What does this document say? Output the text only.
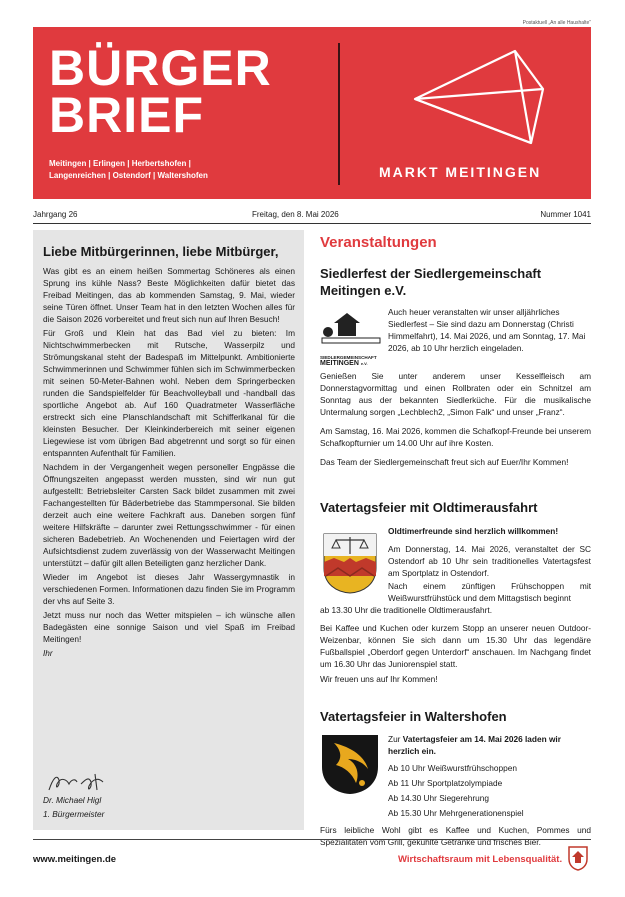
Postaktuell „An alle Haushalte“
BÜRGER
BRIEF
Meitingen | Erlingen | Herbertshofen |
Langenreichen | Ostendorf | Waltershofen	MARKT MEITINGEN
Jahrgang 26	Freitag, den 8. Mai 2026	Nummer 1041
Liebe Mitbürgerinnen, liebe Mitbürger,

Was gibt es an einem heißen Sommertag Schöneres als einen Sprung ins kühle Nass? Beste Möglichkeiten dafür bietet das Freibad Meitingen, das ab kommenden Samstag, 9. Mai, wieder seine Türen öffnet. Unser Team hat in den letzten Wochen alles für die Saison 2026 vorbereitet und freut sich nun auf Ihren Besuch!

Für Groß und Klein hat das Bad viel zu bieten: Im Nichtschwimmerbecken mit Rutsche, Wasserpilz und Strömungskanal steht der Badespaß im Mittelpunkt. Ambitionierte Schwimmerinnen und Schwimmer fühlen sich im Schwimmerbecken mit seinen 50-Meter-Bahnen wohl. Neben dem Springerbecken runden die Sandspielfelder für Beachvolleyball und -handball das sportliche Angebot ab. Auf 160 Quadratmeter Wasserfläche erstreckt sich eine Planschlandschaft mit Schifferlkanal für die kleinsten Besucher. Der Kleinkinderbereich mit seiner eigenen Liegewiese ist vom übrigen Bad abgetrennt und sorgt so für einen entspannten Aufenthalt für Familien.

Nachdem in der Vergangenheit wegen personeller Engpässe die Öffnungszeiten angepasst werden mussten, sind wir nun gut aufgestellt: Betriebsleiter Carsten Sack bildet zusammen mit zwei Fachangestellten für Bäderbetriebe das Stammpersonal. Sie bilden derzeit auch eine weitere Fachkraft aus. Daneben sorgen fünf weitere Hilfskräfte – darunter zwei Rettungsschwimmer - für einen sicheren Badebetrieb. An Wochenenden und Feiertagen wird der Aufsichtsdienst zudem zuverlässig von der Wasserwacht Meitingen unterstützt – dafür gilt allen Beteiligten ganz herzlicher Dank.

Wieder im Angebot ist dieses Jahr Wassergymnastik in verschiedenen Formen. Informationen dazu finden Sie im Programm der vhs auf Seite 3.

Jetzt muss nur noch das Wetter mitspielen – ich wünsche allen Badegästen eine sonnige Saison und viel Spaß im Freibad Meitingen!

Ihr

Dr. Michael Higl
1. Bürgermeister
Veranstaltungen
Siedlerfest der Siedlergemeinschaft
Meitingen e.V.
SIEDLERGEMEINSCHAFT
MEITINGEN e.V.
Auch heuer veranstalten wir unser alljährliches Siedlerfest – Sie sind dazu am Donnerstag (Christi Himmelfahrt), 14. Mai 2026, und am Sonntag, 17. Mai 2026, ab 10 Uhr herzlich eingeladen.

Genießen Sie unter anderem unser Kesselfleisch am Donnerstagvormittag und einen Rollbraten oder ein Schnitzel am Sonntag aus der bekannten Siedlerküche. Für die musikalische Untermalung sorgen „Lechblech2, „Simon Falk“ und unser „Franz“.

Am Samstag, 16. Mai 2026, kommen die Schafkopf-Freunde bei unserem Schafkopfturnier um 14.00 Uhr auf ihre Kosten.

Das Team der Siedlergemeinschaft freut sich auf Euer/Ihr Kommen!

Vatertagsfeier mit Oldtimerausfahrt
Oldtimerfreunde sind herzlich willkommen!
Am Donnerstag, 14. Mai 2026, veranstaltet der SC Ostendorf ab 10 Uhr sein traditionelles Vatertagsfest am Sportplatz in Ostendorf.
Nach einem zünftigen Frühschoppen mit Weißwurstfrühstück und dem Mittagstisch beginnt
ab 13.30 Uhr die traditionelle Oldtimerausfahrt.

Bei Kaffee und Kuchen oder kurzem Stopp an unserer neuen Outdoor-Weizenbar, können Sie sich dann um 15.30 Uhr das legendäre Fußballspiel „Oberdorf gegen Unterdorf“ anschauen. Im Nachgang findet um 16.30 Uhr das Juniorenspiel statt.

Wir freuen uns auf Ihr Kommen!

Vatertagsfeier in Waltershofen
Zur Vatertagsfeier am 14. Mai 2026 laden wir herzlich ein.
Ab 10 Uhr Weißwurstfrühschoppen
Ab 11 Uhr Sportplatzolympiade
Ab 14.30 Uhr Siegerehrung
Ab 15.30 Uhr Mehrgenerationenspiel
Fürs leibliche Wohl gibt es Kaffee und Kuchen, Pommes und Spezialitäten vom Grill, gekühlte Getränke und frisches Bier.
www.meitingen.de	Wirtschaftsraum mit Lebensqualität.
